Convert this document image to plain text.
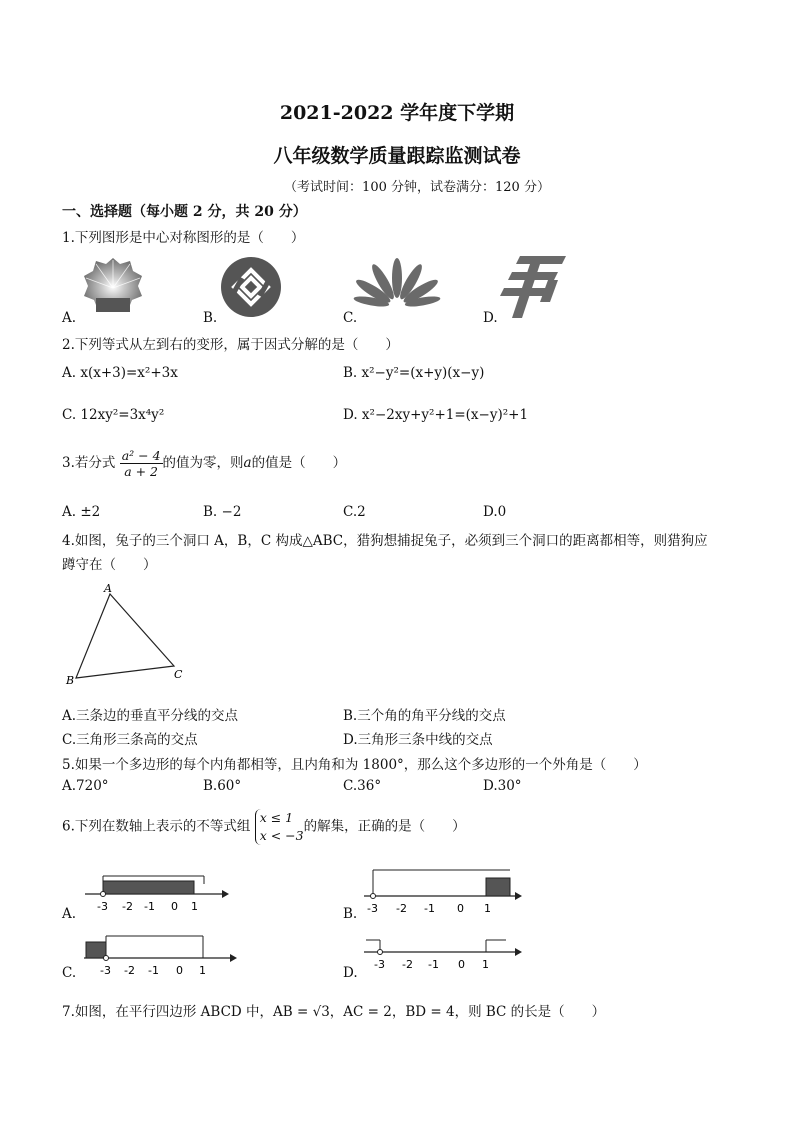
2021-2022 学年度下学期
八年级数学质量跟踪监测试卷
（考试时间：100 分钟，试卷满分：120 分）
一、选择题（每小题 2 分，共 20 分）
1.下列图形是中心对称图形的是（　　）
A.	B.	C.	D.
2.下列等式从左到右的变形，属于因式分解的是（　　）
A. x(x+3)=x²+3x	B. x²−y²=(x+y)(x−y)
C. 12xy²=3x⁴y²	D. x²−2xy+y²+1=(x−y)²+1
3.若分式 $\frac{\text{a² − 4}}{a + 2}$ 的值为零，则a的值是（　　）
A. ±2	B. −2	C.2	D.0
4.如图，兔子的三个洞口 A，B，C 构成△ABC，猎狗想捕捉兔子，必须到三个洞口的距离都相等，则猎狗应
蹲守在（　　）
A
B	C
A.三条边的垂直平分线的交点	B.三个角的角平分线的交点
C.三角形三条高的交点	D.三角形三条中线的交点
5.如果一个多边形的每个内角都相等，且内角和为 1800°，那么这个多边形的一个外角是（　　）
A.720°	B.60°	C.36°	D.30°
6.下列在数轴上表示的不等式组
x ≤ 1
x < −3
的解集，正确的是（　　）
-3 -2 -1 0 1
A.	-3 -2 -1 0 1
B.
-3 -2 -1 0 1
C.
-3 -2 -1 0 1
D.
7.如图，在平行四边形 ABCD 中，AB = √3，AC = 2，BD = 4，则 BC 的长是（　　）
